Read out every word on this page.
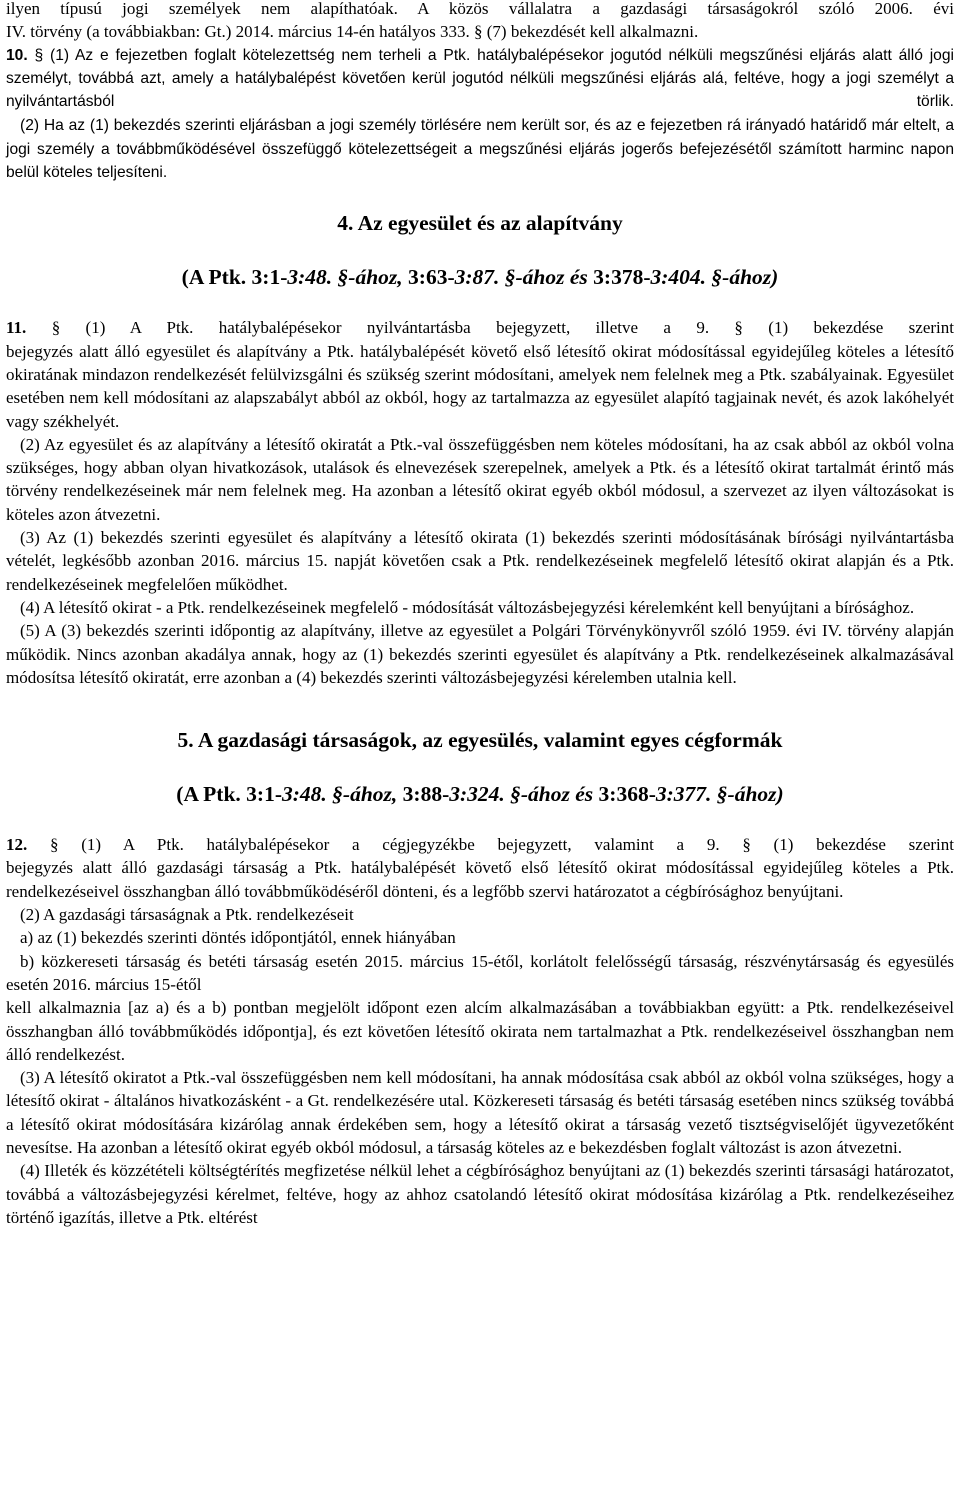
ilyen típusú jogi személyek nem alapíthatóak. A közös vállalatra a gazdasági társaságokról szóló 2006. évi

IV. törvény (a továbbiakban: Gt.) 2014. március 14-én hatályos 333. § (7) bekezdését kell alkalmazni.

10. § (1) Az e fejezetben foglalt kötelezettség nem terheli a Ptk. hatálybalépésekor jogutód nélküli megszűnési eljárás alatt álló jogi személyt, továbbá azt, amely a hatálybalépést követően kerül jogutód nélküli megszűnési eljárás alá, feltéve, hogy a jogi személyt a nyilvántartásból törlik.

(2) Ha az (1) bekezdés szerinti eljárásban a jogi személy törlésére nem került sor, és az e fejezetben rá irányadó határidő már eltelt, a jogi személy a továbbműködésével összefüggő kötelezettségeit a megszűnési eljárás jogerős befejezésétől számított harminc napon belül köteles teljesíteni.

4. Az egyesület és az alapítvány

(A Ptk. 3:1-3:48. §-ához, 3:63-3:87. §-ához és 3:378-3:404. §-ához)

11. § (1) A Ptk. hatálybalépésekor nyilvántartásba bejegyzett, illetve a 9. § (1) bekezdése szerint

bejegyzés alatt álló egyesület és alapítvány a Ptk. hatálybalépését követő első létesítő okirat módosítással egyidejűleg köteles a létesítő okiratának mindazon rendelkezését felülvizsgálni és szükség szerint módosítani, amelyek nem felelnek meg a Ptk. szabályainak. Egyesület esetében nem kell módosítani az alapszabályt abból az okból, hogy az tartalmazza az egyesület alapító tagjainak nevét, és azok lakóhelyét vagy székhelyét.

(2) Az egyesület és az alapítvány a létesítő okiratát a Ptk.-val összefüggésben nem köteles módosítani, ha az csak abból az okból volna szükséges, hogy abban olyan hivatkozások, utalások és elnevezések szerepelnek, amelyek a Ptk. és a létesítő okirat tartalmát érintő más törvény rendelkezéseinek már nem felelnek meg. Ha azonban a létesítő okirat egyéb okból módosul, a szervezet az ilyen változásokat is köteles azon átvezetni.

(3) Az (1) bekezdés szerinti egyesület és alapítvány a létesítő okirata (1) bekezdés szerinti módosításának bírósági nyilvántartásba vételét, legkésőbb azonban 2016. március 15. napját követően csak a Ptk. rendelkezéseinek megfelelő létesítő okirat alapján és a Ptk. rendelkezéseinek megfelelően működhet.

(4) A létesítő okirat - a Ptk. rendelkezéseinek megfelelő - módosítását változásbejegyzési kérelemként kell benyújtani a bírósághoz.

(5) A (3) bekezdés szerinti időpontig az alapítvány, illetve az egyesület a Polgári Törvénykönyvről szóló 1959. évi IV. törvény alapján működik. Nincs azonban akadálya annak, hogy az (1) bekezdés szerinti egyesület és alapítvány a Ptk. rendelkezéseinek alkalmazásával módosítsa létesítő okiratát, erre azonban a (4) bekezdés szerinti változásbejegyzési kérelemben utalnia kell.

5. A gazdasági társaságok, az egyesülés, valamint egyes cégformák

(A Ptk. 3:1-3:48. §-ához, 3:88-3:324. §-ához és 3:368-3:377. §-ához)

12. § (1) A Ptk. hatálybalépésekor a cégjegyzékbe bejegyzett, valamint a 9. § (1) bekezdése szerint

bejegyzés alatt álló gazdasági társaság a Ptk. hatálybalépését követő első létesítő okirat módosítással egyidejűleg köteles a Ptk. rendelkezéseivel összhangban álló továbbműködéséről dönteni, és a legfőbb szervi határozatot a cégbírósághoz benyújtani.

(2) A gazdasági társaságnak a Ptk. rendelkezéseit

a) az (1) bekezdés szerinti döntés időpontjától, ennek hiányában

b) közkereseti társaság és betéti társaság esetén 2015. március 15-étől, korlátolt felelősségű társaság, részvénytársaság és egyesülés esetén 2016. március 15-étől

kell alkalmaznia [az a) és a b) pontban megjelölt időpont ezen alcím alkalmazásában a továbbiakban együtt: a Ptk. rendelkezéseivel összhangban álló továbbműködés időpontja], és ezt követően létesítő okirata nem tartalmazhat a Ptk. rendelkezéseivel összhangban nem álló rendelkezést.

(3) A létesítő okiratot a Ptk.-val összefüggésben nem kell módosítani, ha annak módosítása csak abból az okból volna szükséges, hogy a létesítő okirat - általános hivatkozásként - a Gt. rendelkezésére utal. Közkereseti társaság és betéti társaság esetében nincs szükség továbbá a létesítő okirat módosítására kizárólag annak érdekében sem, hogy a létesítő okirat a társaság vezető tisztségviselőjét ügyvezetőként nevesítse. Ha azonban a létesítő okirat egyéb okból módosul, a társaság köteles az e bekezdésben foglalt változást is azon átvezetni.

(4) Illeték és közzétételi költségtérítés megfizetése nélkül lehet a cégbírósághoz benyújtani az (1) bekezdés szerinti társasági határozatot, továbbá a változásbejegyzési kérelmet, feltéve, hogy az ahhoz csatolandó létesítő okirat módosítása kizárólag a Ptk. rendelkezéseihez történő igazítás, illetve a Ptk. eltérést
